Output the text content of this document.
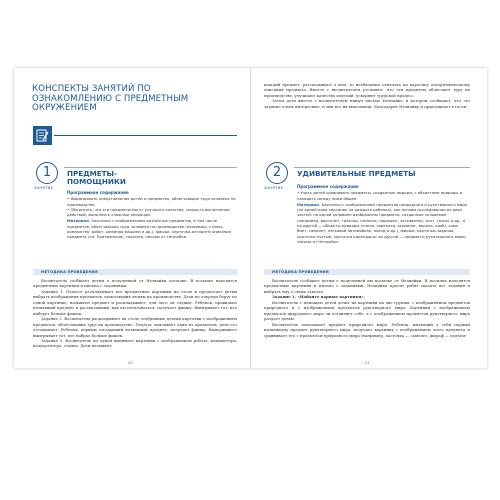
КОНСПЕКТЫ ЗАНЯТИЙ ПО ОЗНАКОМЛЕНИЮ С ПРЕДМЕТНЫМ ОКРУЖЕНИЕМ
1
ЗАНЯТИЕ
ПРЕДМЕТЫ-ПОМОЩНИКИ
Программное содержание

• Формировать представления детей о предметах, облегчающих труд человека на производстве.

• Объяснять, что эти предметы могут улучшать качество, скорость выполнения действий, выполнять сложные операции.

Материал. Картинки с изображением различных предметов, в том числе предметов, облегчающих труд человека на производстве (например, станок, компьютер, робот, швейная машина и др.), фишки, карточка-алгоритм описания предмета (см. Приложение), посылка, письмо от Незнайки.

МЕТОДИКА ПРОВЕДЕНИЯ

Воспитатель сообщает детям о полученной от Незнайки посылке. В посылке находятся предметные картинки и письмо с заданиями.

Задание 1. Педагог раскладывает все предметные картинки на столе и предлагает детям выбрать изображения предметов, помогающих людям на производстве. Дети по очереди берут по одной картинке, называют предмет и раскладывают, для чего он служит. Ребенок, правильно назвавший предмет и рассказавший, как им пользоваться, получает фишку. Выигрывает тот, кто наберет больше фишек.

Задание 2. Воспитатель раскладывает на столе отобранные детьми карточки с изображением предметов, облегчающих труд на производстве. Педагог описывает один из предметов, дети его отгадывают. Ребенок, первым отгадавший названный предмет, получает фишку. Выдерживает выигрывает тот, кто набрал больше фишек.

Задание 3. Воспитатель по одной вынимает картинки с изображением робота, компьютера, калькулятора, станка. Дети называют

20

каждый предмет, рассказывают о нем, то необходимо отмечать на карточку алгоритмическому описания предмета. Вместе с воспитателем уточняют, что эти предметы облегчают труд на производстве, улучшают качество изделий, ускоряют трудовой процесс.

Затем дети вместе с воспитателем пишут письмо Незнайке, в котором сообщают, что это задание очень интересные, и они все их выполнили. Благодарят Незнайку и приглашают в гости.

2
ЗАНЯТИЕ
УДИВИТЕЛЬНЫЕ ПРЕДМЕТЫ
Программное содержание

• Учить детей сравнивать предметы, созданные людьми, с объектами природы и находить между ними общее.

Материал. Картинки с изображением предметов природного и рукотворного мира (по одной паре картинок на каждого ребенка), как основы исследования их двух частей: на одной половине изображены предметы, созданные человеком (например, вертолет, трактор, пылесос, парашют, экскаватор, зонт, сачок) и др., а на другой — объекты природы (пчела, черепаха, осьминог, ворона, краб), сова, бинт, самолет, легковой автомобиль, поезд и др.), фишки, карточки-задания, карточки пустые; карточки карандашь: во другой — предметы рукотворного мира; письмо от Незнайки.

МЕТОДИКА ПРОВЕДЕНИЯ

Воспитатель сообщает детям о полученной им посылке от Незнайки. В посылке находятся предметные картинки и письмо с заданиями: Незнайка просит ребят сказать все задания и выбрать ему о своих ответах.

Задание 1. «Найдите парные картинки».

Воспитатель с помощью детей делит их картинки на две группы: с изображением предметов природного и с изображением предметов рукотворного мира. Картинки с изображением предметов природного мира он оставляет себе, а с изображением предметов рукотворного мира раздает детям.

Воспитатель показывает предмет природного мира. Ребенок, имеющий у себя парный названному предмет рукотворного мира, получает картинку с изображением этого предмета и сравнивает его с предметом природного мира (например, ласточка — самолет, жираф — подъем-

21
